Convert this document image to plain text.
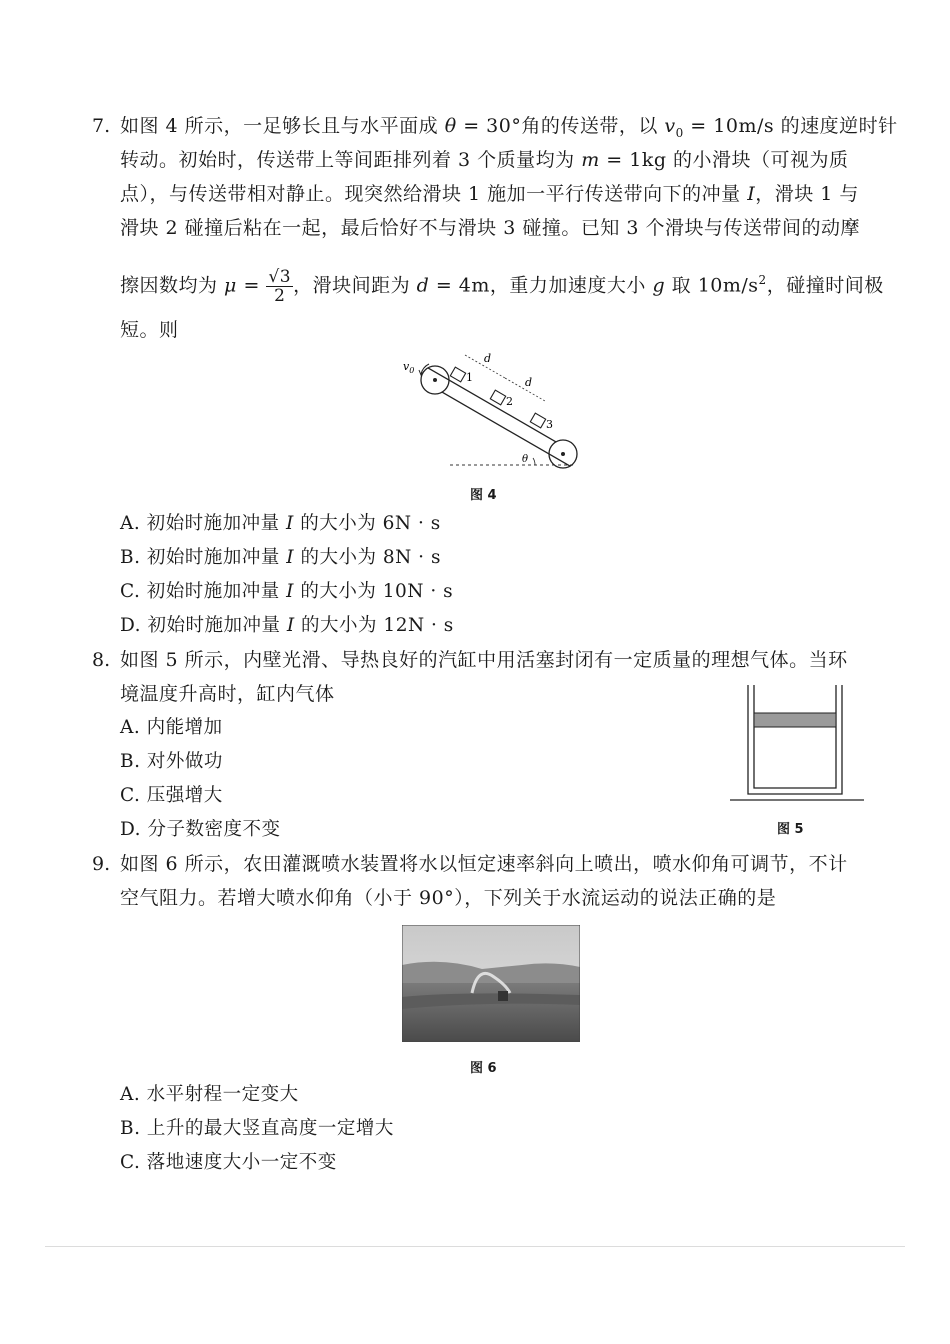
7. 如图 4 所示，一足够长且与水平面成 θ = 30°角的传送带，以 $v_0 = 10m/s$ 的速度逆时针
转动。初始时，传送带上等间距排列着 3 个质量均为 m = 1kg 的小滑块（可视为质
点），与传送带相对静止。现突然给滑块 1 施加一平行传送带向下的冲量 I，滑块 1 与
滑块 2 碰撞后粘在一起，最后恰好不与滑块 3 碰撞。已知 3 个滑块与传送带间的动摩
擦因数均为 $\mu = \frac{√3}{2}$ ，滑块间距为 d = 4m，重力加速度大小 g 取 $10m/s^2$，碰撞时间极
短。则
$v_0$
1
2
3
d
d
θ
图 4
A. 初始时施加冲量 I 的大小为 6N · s
B. 初始时施加冲量 I 的大小为 8N · s
C. 初始时施加冲量 I 的大小为 10N · s
D. 初始时施加冲量 I 的大小为 12N · s
8. 如图 5 所示，内壁光滑、导热良好的汽缸中用活塞封闭有一定质量的理想气体。当环
境温度升高时，缸内气体
A. 内能增加
B. 对外做功
C. 压强增大
D. 分子数密度不变	图 5
9. 如图 6 所示，农田灌溉喷水装置将水以恒定速率斜向上喷出，喷水仰角可调节，不计
空气阻力。若增大喷水仰角（小于 90°），下列关于水流运动的说法正确的是
图 6
A. 水平射程一定变大
B. 上升的最大竖直高度一定增大
C. 落地速度大小一定不变
